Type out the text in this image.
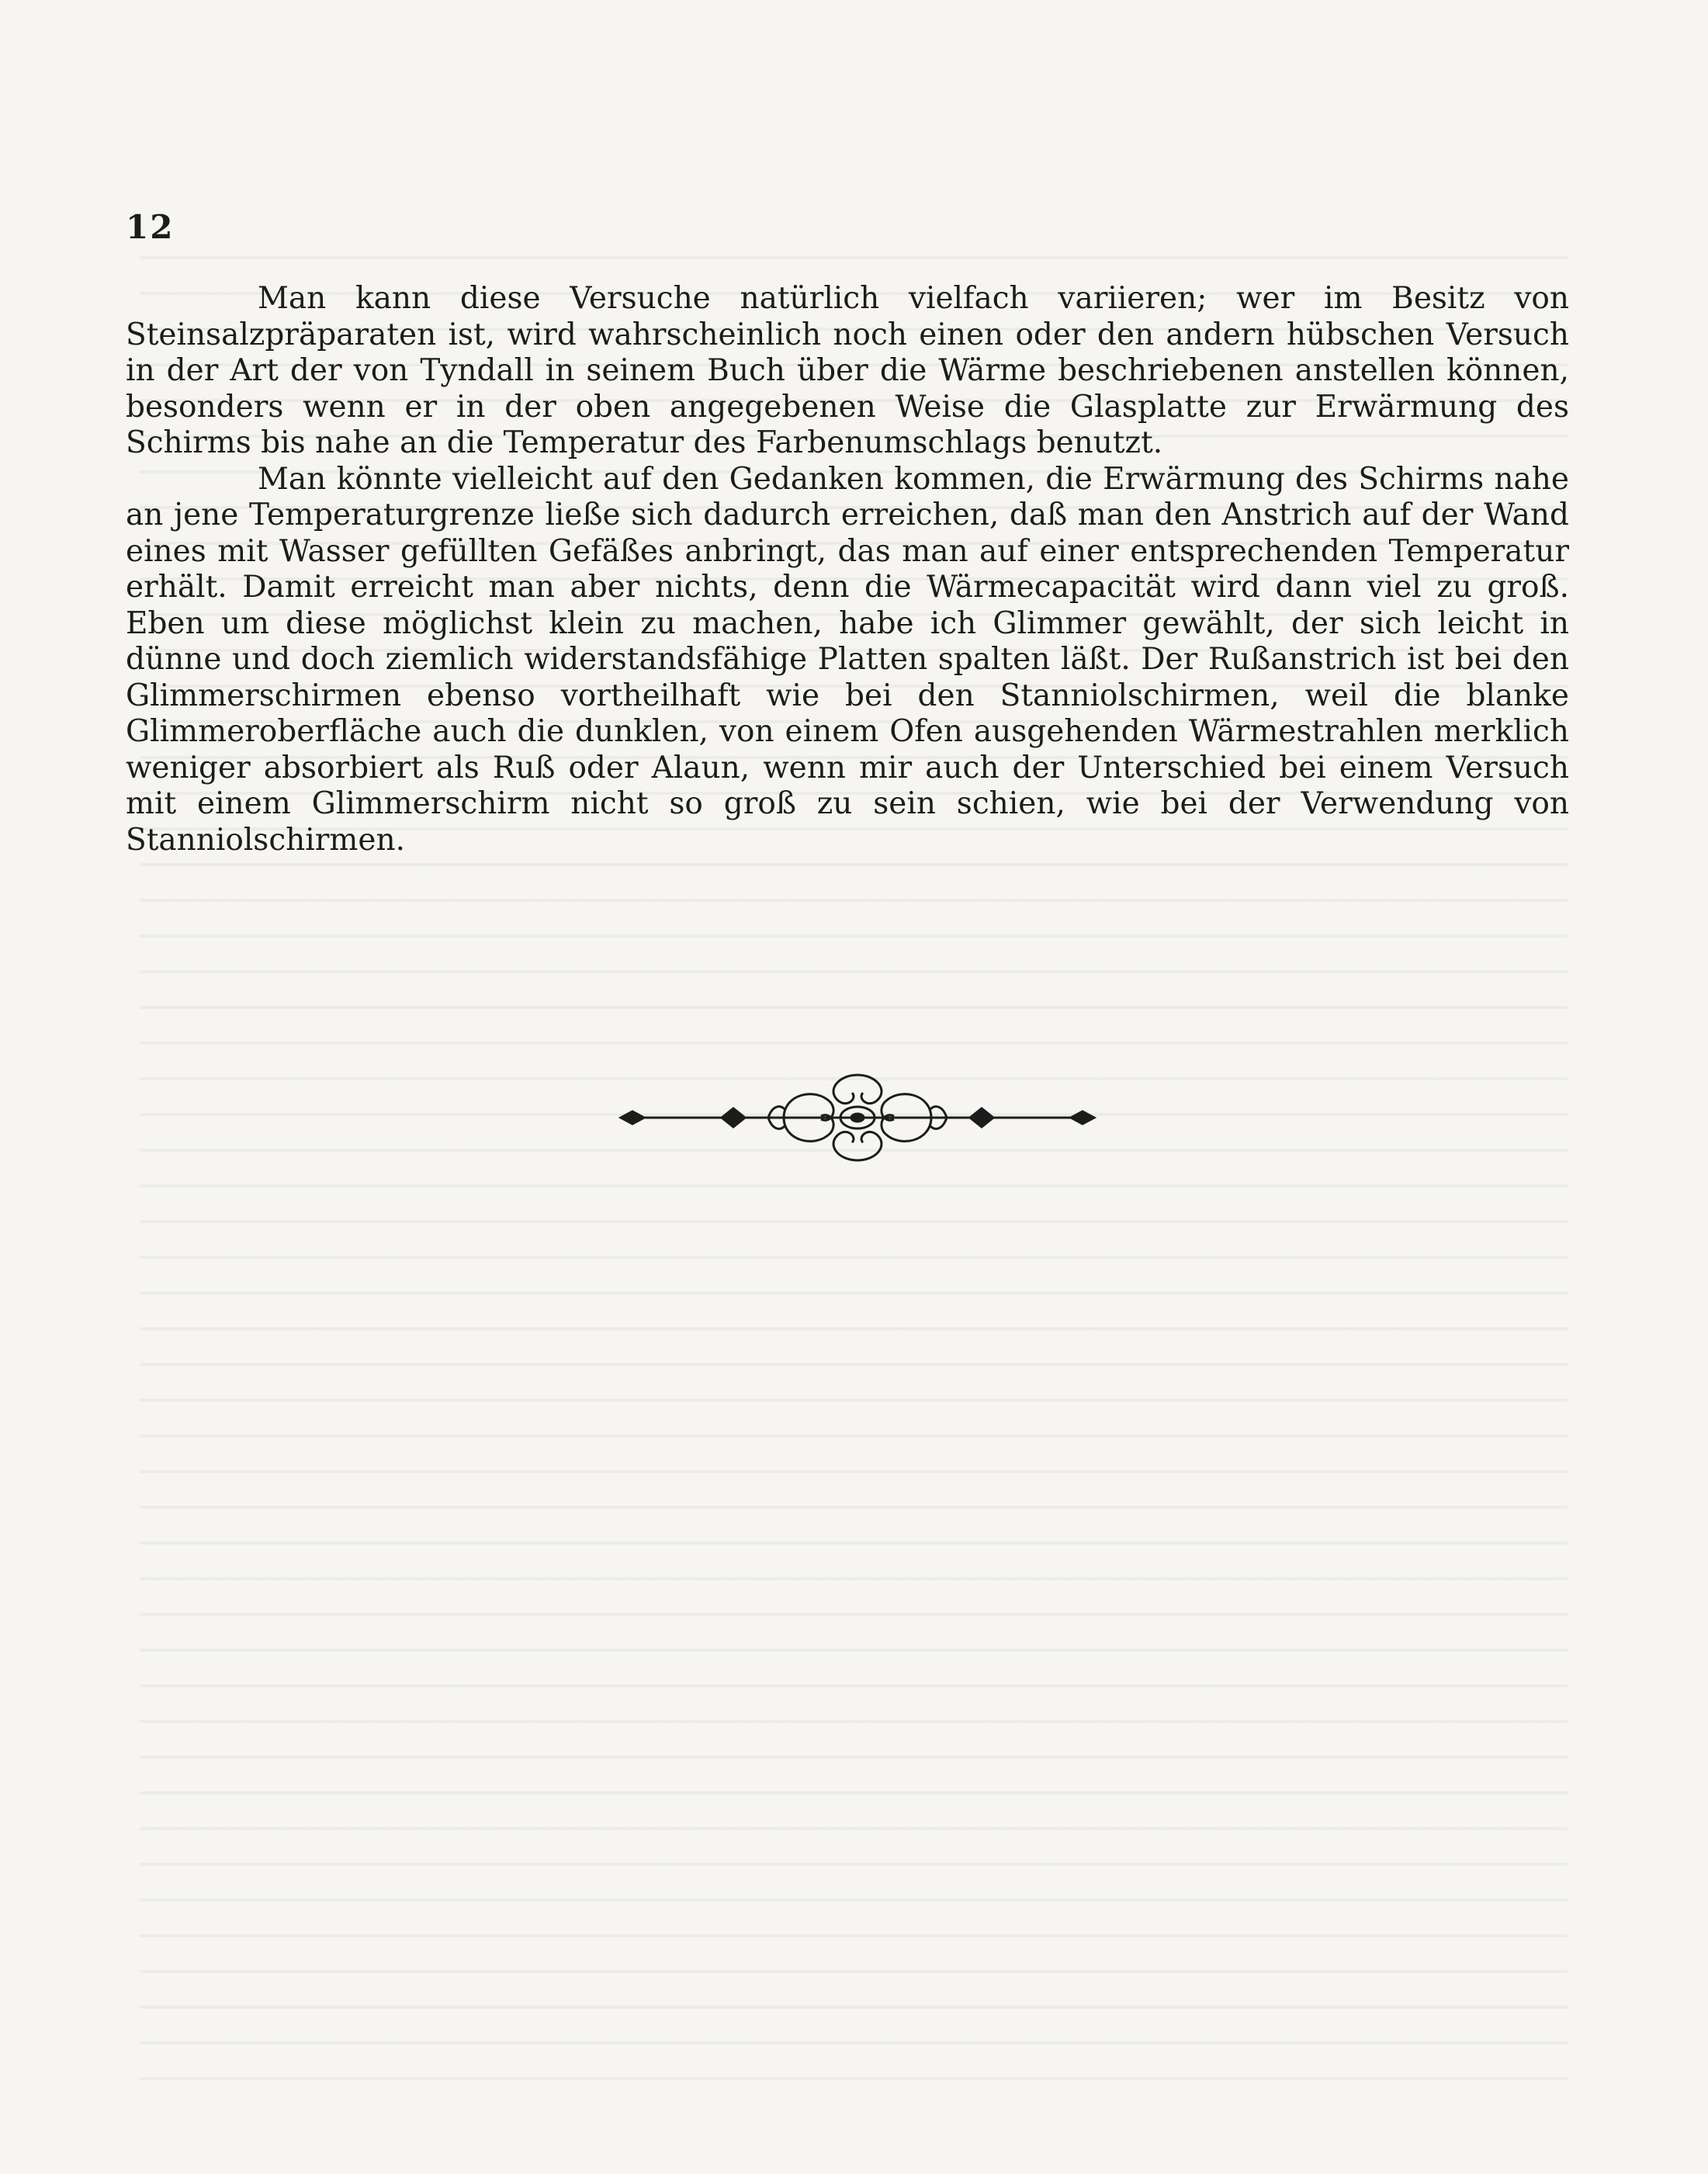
12

Man kann diese Versuche natürlich vielfach variieren; wer im Besitz von Steinsalzpräparaten ist, wird wahrscheinlich noch einen oder den andern hübschen Versuch in der Art der von Tyndall in seinem Buch über die Wärme beschriebenen anstellen können, besonders wenn er in der oben angegebenen Weise die Glasplatte zur Erwärmung des Schirms bis nahe an die Temperatur des Farbenumschlags benutzt.

Man könnte vielleicht auf den Gedanken kommen, die Erwärmung des Schirms nahe an jene Temperaturgrenze ließe sich dadurch erreichen, daß man den Anstrich auf der Wand eines mit Wasser gefüllten Gefäßes anbringt, das man auf einer entsprechenden Temperatur erhält. Damit erreicht man aber nichts, denn die Wärmecapacität wird dann viel zu groß. Eben um diese möglichst klein zu machen, habe ich Glimmer gewählt, der sich leicht in dünne und doch ziemlich widerstandsfähige Platten spalten läßt. Der Rußanstrich ist bei den Glimmerschirmen ebenso vortheilhaft wie bei den Stanniolschirmen, weil die blanke Glimmeroberfläche auch die dunklen, von einem Ofen ausgehenden Wärmestrahlen merklich weniger absorbiert als Ruß oder Alaun, wenn mir auch der Unterschied bei einem Versuch mit einem Glimmerschirm nicht so groß zu sein schien, wie bei der Verwendung von Stanniolschirmen.
